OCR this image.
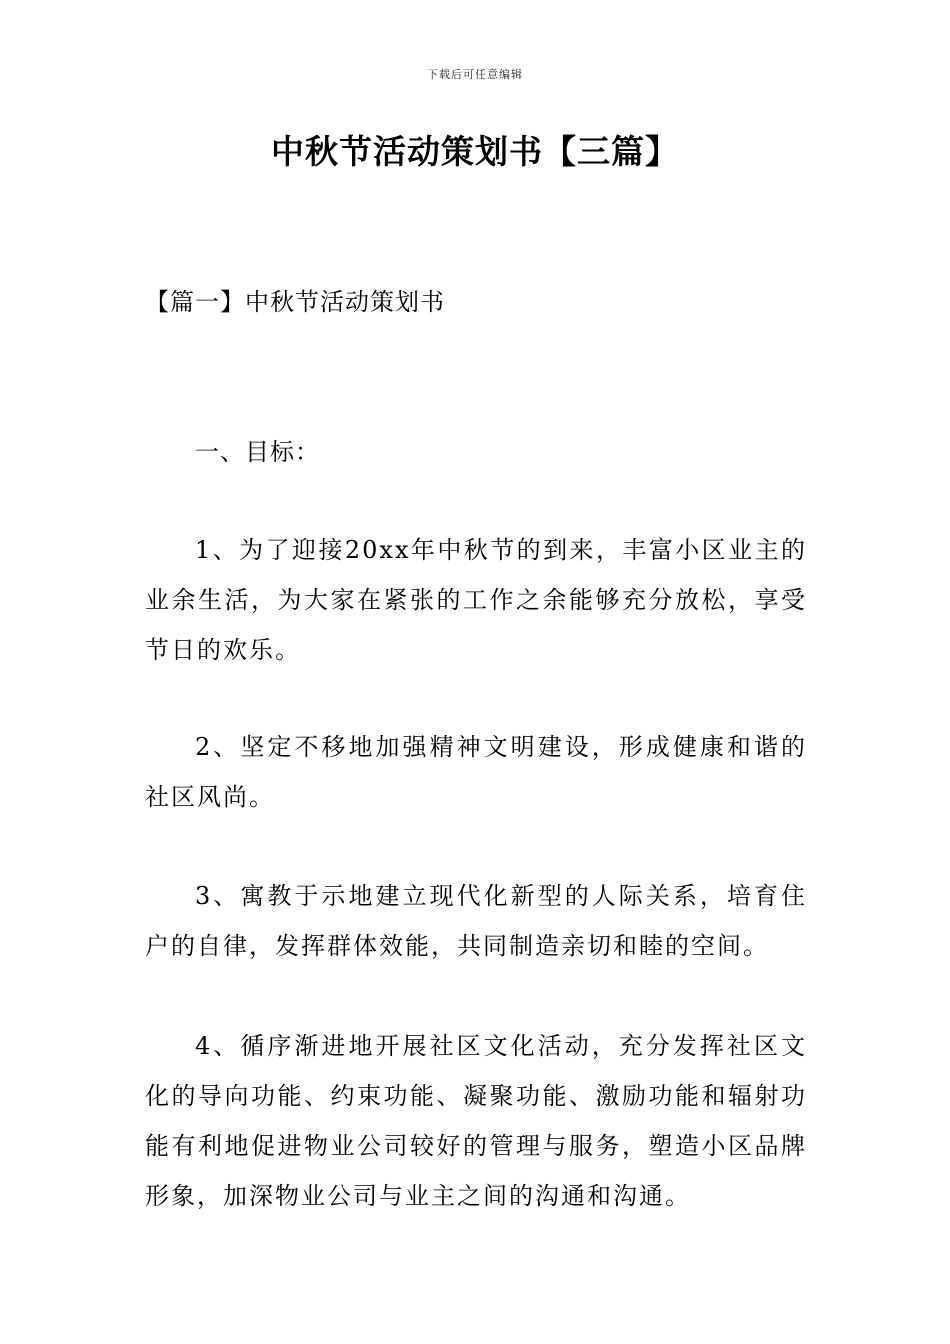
下载后可任意编辑
中秋节活动策划书【三篇】
【篇一】中秋节活动策划书
一、目标：

1、为了迎接20xx年中秋节的到来，丰富小区业主的业余生活，为大家在紧张的工作之余能够充分放松，享受节日的欢乐。

2、坚定不移地加强精神文明建设，形成健康和谐的社区风尚。

3、寓教于示地建立现代化新型的人际关系，培育住户的自律，发挥群体效能，共同制造亲切和睦的空间。

4、循序渐进地开展社区文化活动，充分发挥社区文化的导向功能、约束功能、凝聚功能、激励功能和辐射功能有利地促进物业公司较好的管理与服务，塑造小区品牌形象，加深物业公司与业主之间的沟通和沟通。
